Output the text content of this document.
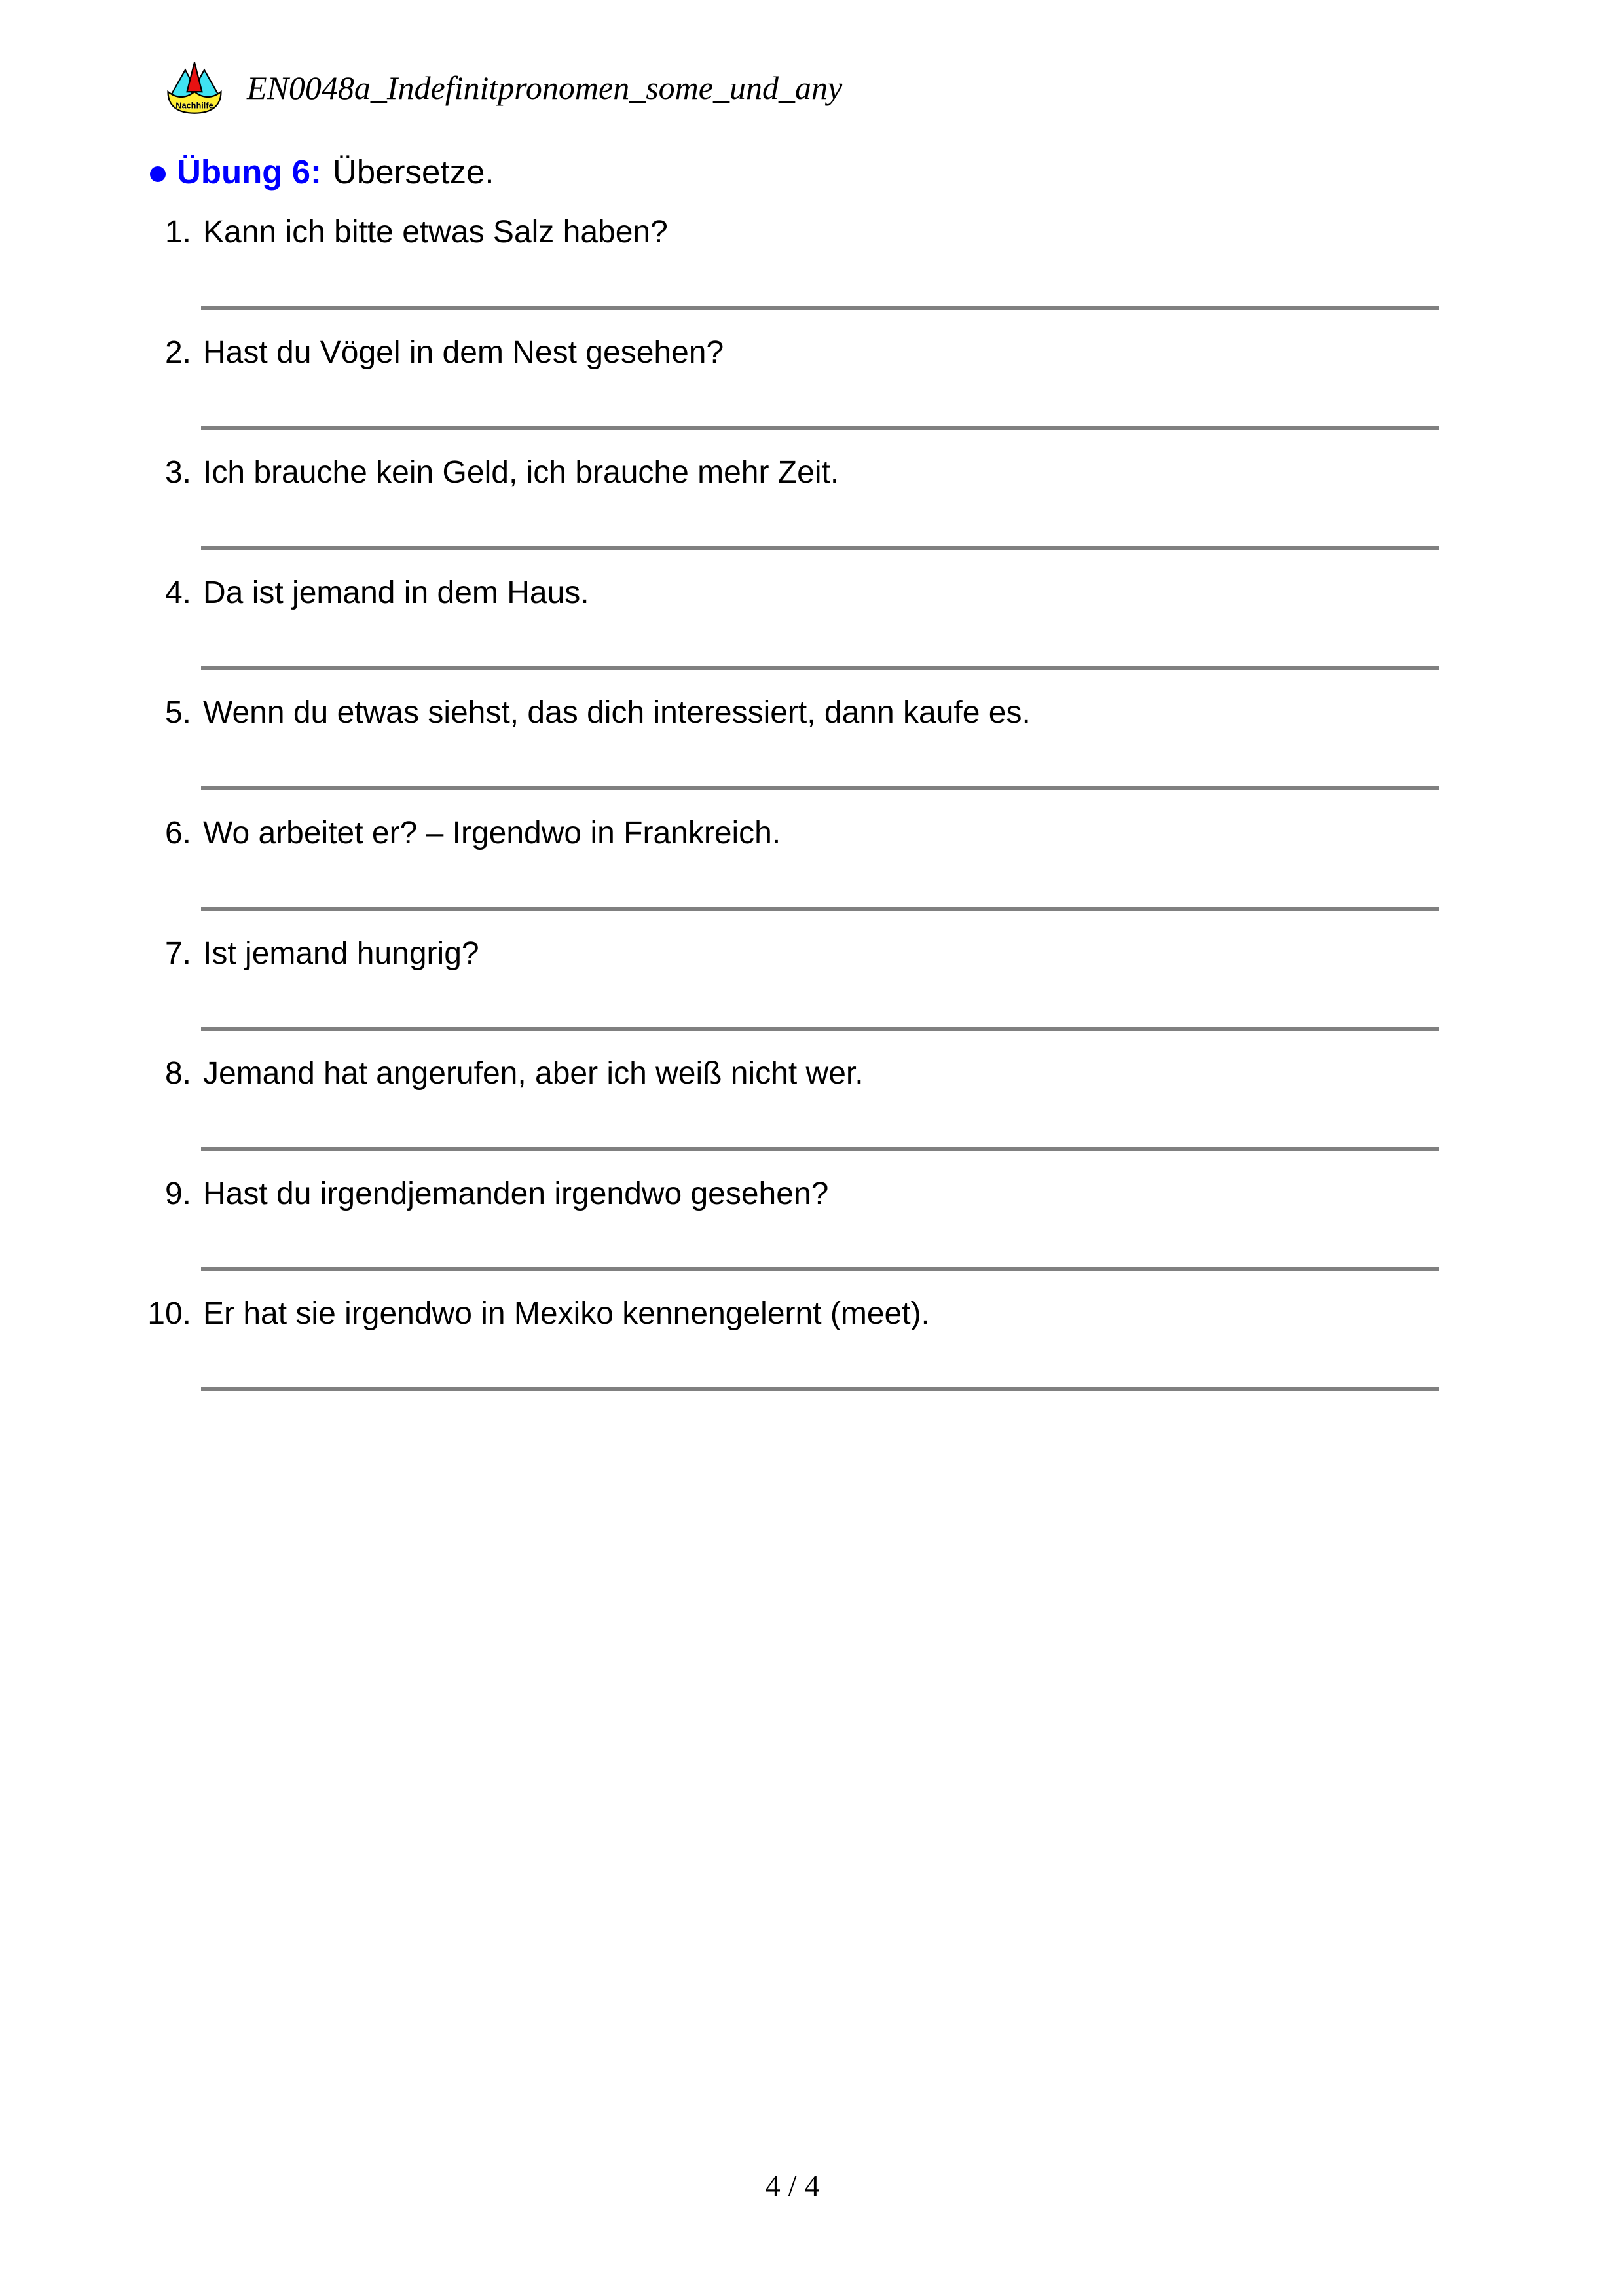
Nachhilfe EN0048a_Indefinitpronomen_some_und_any
Übung 6: Übersetze.
1. Kann ich bitte etwas Salz haben?
2. Hast du Vögel in dem Nest gesehen?
3. Ich brauche kein Geld, ich brauche mehr Zeit.
4. Da ist jemand in dem Haus.
5. Wenn du etwas siehst, das dich interessiert, dann kaufe es.
6. Wo arbeitet er? – Irgendwo in Frankreich.
7. Ist jemand hungrig?
8. Jemand hat angerufen, aber ich weiß nicht wer.
9. Hast du irgendjemanden irgendwo gesehen?
10. Er hat sie irgendwo in Mexiko kennengelernt (meet).
4 / 4
